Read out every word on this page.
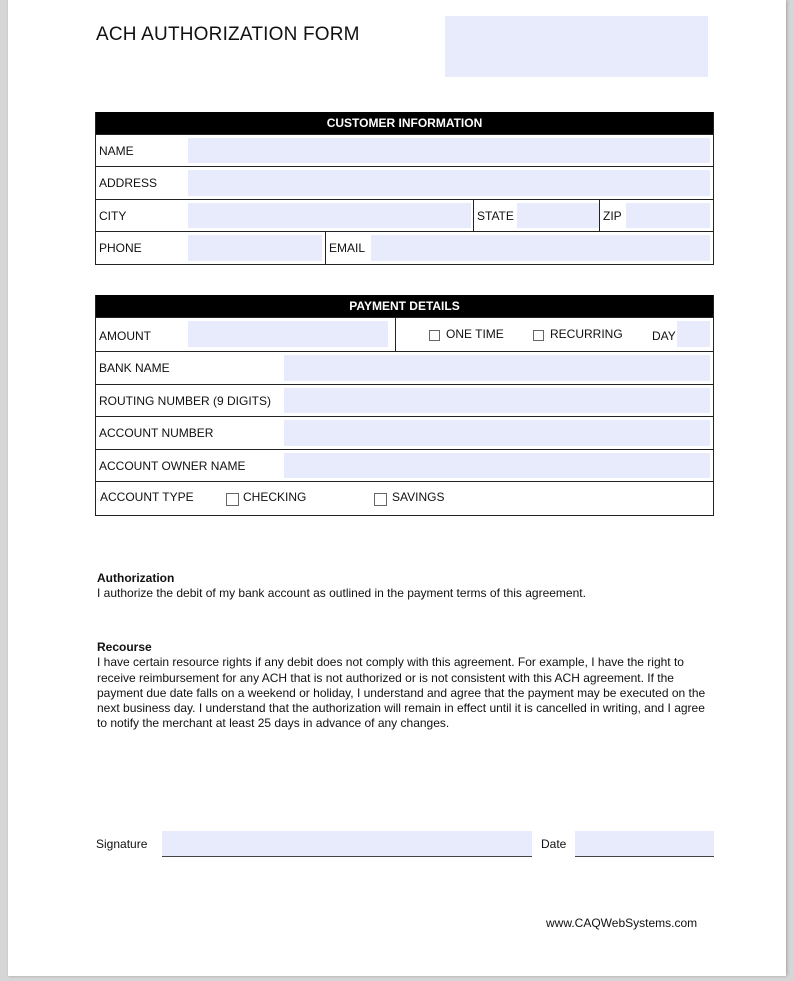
ACH AUTHORIZATION FORM
CUSTOMER INFORMATION
NAME
ADDRESS
CITY	STATE	ZIP
PHONE	EMAIL
PAYMENT DETAILS
AMOUNT	ONE TIME	RECURRING DAY
BANK NAME
ROUTING NUMBER (9 DIGITS)
ACCOUNT NUMBER
ACCOUNT OWNER NAME
ACCOUNT TYPE	CHECKING	SAVINGS
Authorization
I authorize the debit of my bank account as outlined in the payment terms of this agreement.
Recourse
I have certain resource rights if any debit does not comply with this agreement. For example, I have the right to
receive reimbursement for any ACH that is not authorized or is not consistent with this ACH agreement. If the
payment due date falls on a weekend or holiday, I understand and agree that the payment may be executed on the
next business day. I understand that the authorization will remain in effect until it is cancelled in writing, and I agree
to notify the merchant at least 25 days in advance of any changes.
Signature	Date
www.CAQWebSystems.com
